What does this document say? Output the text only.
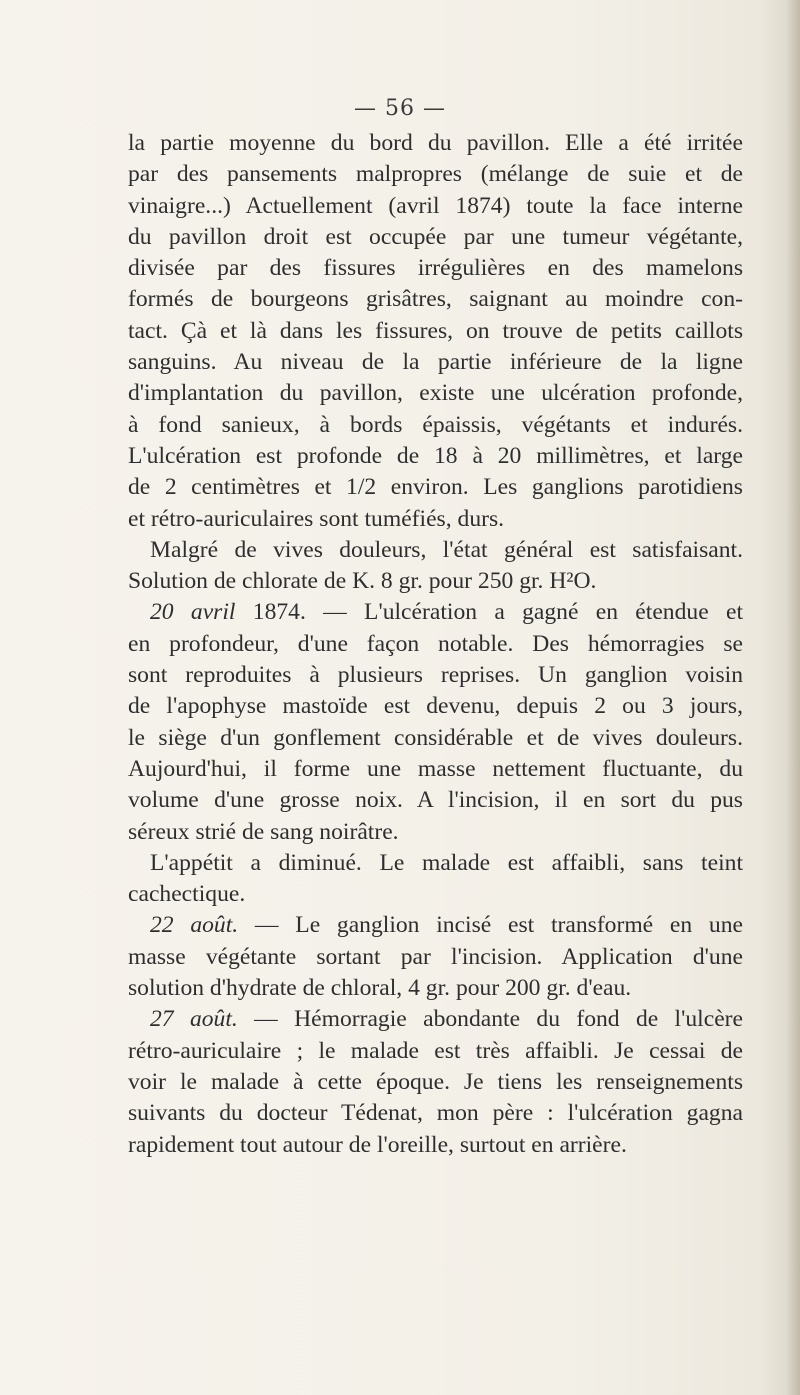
— 56 —

la partie moyenne du bord du pavillon. Elle a été irritée

par des pansements malpropres (mélange de suie et de

vinaigre...) Actuellement (avril 1874) toute la face interne

du pavillon droit est occupée par une tumeur végétante,

divisée par des fissures irrégulières en des mamelons

formés de bourgeons grisâtres, saignant au moindre con-

tact. Çà et là dans les fissures, on trouve de petits caillots

sanguins. Au niveau de la partie inférieure de la ligne

d'implantation du pavillon, existe une ulcération profonde,

à fond sanieux, à bords épaissis, végétants et indurés.

L'ulcération est profonde de 18 à 20 millimètres, et large

de 2 centimètres et 1/2 environ. Les ganglions parotidiens

et rétro-auriculaires sont tuméfiés, durs.

Malgré de vives douleurs, l'état général est satisfaisant.

Solution de chlorate de K. 8 gr. pour 250 gr. H²O.

20 avril 1874. — L'ulcération a gagné en étendue et

en profondeur, d'une façon notable. Des hémorragies se

sont reproduites à plusieurs reprises. Un ganglion voisin

de l'apophyse mastoïde est devenu, depuis 2 ou 3 jours,

le siège d'un gonflement considérable et de vives douleurs.

Aujourd'hui, il forme une masse nettement fluctuante, du

volume d'une grosse noix. A l'incision, il en sort du pus

séreux strié de sang noirâtre.

L'appétit a diminué. Le malade est affaibli, sans teint

cachectique.

22 août. — Le ganglion incisé est transformé en une

masse végétante sortant par l'incision. Application d'une

solution d'hydrate de chloral, 4 gr. pour 200 gr. d'eau.

27 août. — Hémorragie abondante du fond de l'ulcère

rétro-auriculaire ; le malade est très affaibli. Je cessai de

voir le malade à cette époque. Je tiens les renseignements

suivants du docteur Tédenat, mon père : l'ulcération gagna

rapidement tout autour de l'oreille, surtout en arrière.
